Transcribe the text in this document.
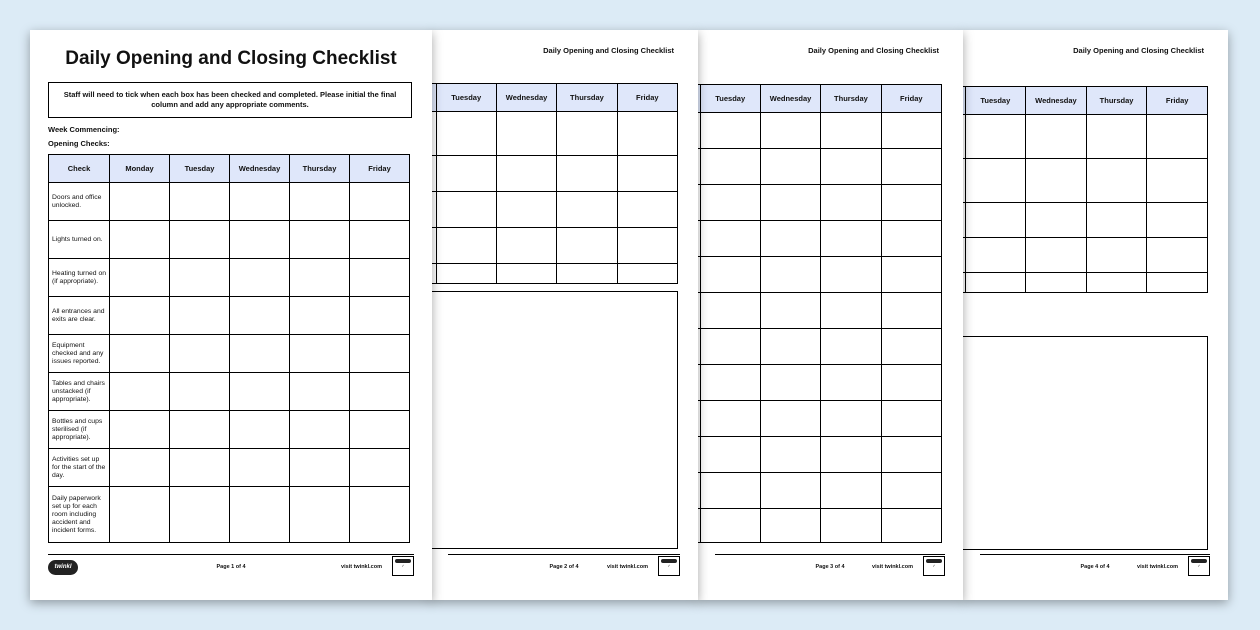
Daily Opening and Closing Checklist
	Tuesday	Wednesday	Thursday	Friday

Page 4 of 4	visit twinkl.com
	✓
Daily Opening and Closing Checklist
	Tuesday	Wednesday	Thursday	Friday

Page 3 of 4	visit twinkl.com
	✓
Daily Opening and Closing Checklist
	Tuesday	Wednesday	Thursday	Friday

Page 2 of 4	visit twinkl.com
	✓
Daily Opening and Closing Checklist
Staff will need to tick when each box has been checked and completed. Please initial the final column and add any appropriate comments.
Week Commencing:
Opening Checks:
Check	Monday	Tuesday	Wednesday	Thursday	Friday
Doors and office unlocked.					
Lights turned on.					
Heating turned on (if appropriate).					
All entrances and exits are clear.					
Equipment checked and any issues reported.					
Tables and chairs unstacked (if appropriate).					
Bottles and cups sterilised (if appropriate).					
Activities set up for the start of the day.					
Daily paperwork set up for each room including accident and incident forms.					
twinkl	Page 1 of 4	visit twinkl.com
	✓
